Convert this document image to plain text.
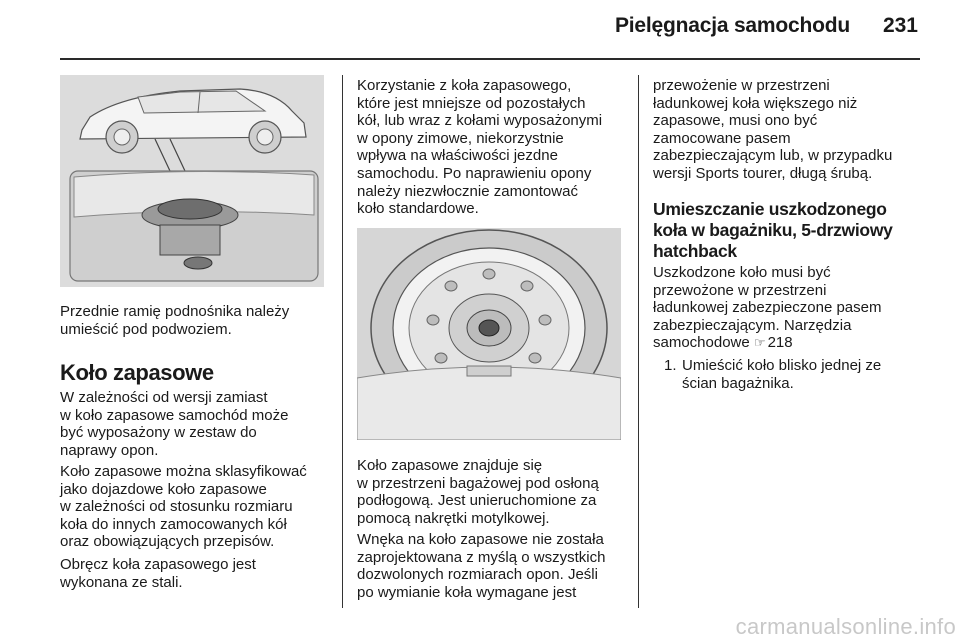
Pielęgnacja samochodu	231

Przednie ramię podnośnika należy
umieścić pod podwoziem.

Koło zapasowe

W zależności od wersji zamiast
w koło zapasowe samochód może
być wyposażony w zestaw do
naprawy opon.

Koło zapasowe można sklasyfikować
jako dojazdowe koło zapasowe
w zależności od stosunku rozmiaru
koła do innych zamocowanych kół
oraz obowiązujących przepisów.

Obręcz koła zapasowego jest
wykonana ze stali.

Korzystanie z koła zapasowego,
które jest mniejsze od pozostałych
kół, lub wraz z kołami wyposażonymi
w opony zimowe, niekorzystnie
wpływa na właściwości jezdne
samochodu. Po naprawieniu opony
należy niezwłocznie zamontować
koło standardowe.

Koło zapasowe znajduje się
w przestrzeni bagażowej pod osłoną
podłogową. Jest unieruchomione za
pomocą nakrętki motylkowej.

Wnęka na koło zapasowe nie została
zaprojektowana z myślą o wszystkich
dozwolonych rozmiarach opon. Jeśli
po wymianie koła wymagane jest

przewożenie w przestrzeni
ładunkowej koła większego niż
zapasowe, musi ono być
zamocowane pasem
zabezpieczającym lub, w przypadku
wersji Sports tourer, długą śrubą.

Umieszczanie uszkodzonego
koła w bagażniku, 5-drzwiowy
hatchback

Uszkodzone koło musi być
przewożone w przestrzeni
ładunkowej zabezpieczone pasem
zabezpieczającym. Narzędzia
samochodowe ☞ 218

1. Umieścić koło blisko jednej ze
ścian bagażnika.
carmanualsonline.info
